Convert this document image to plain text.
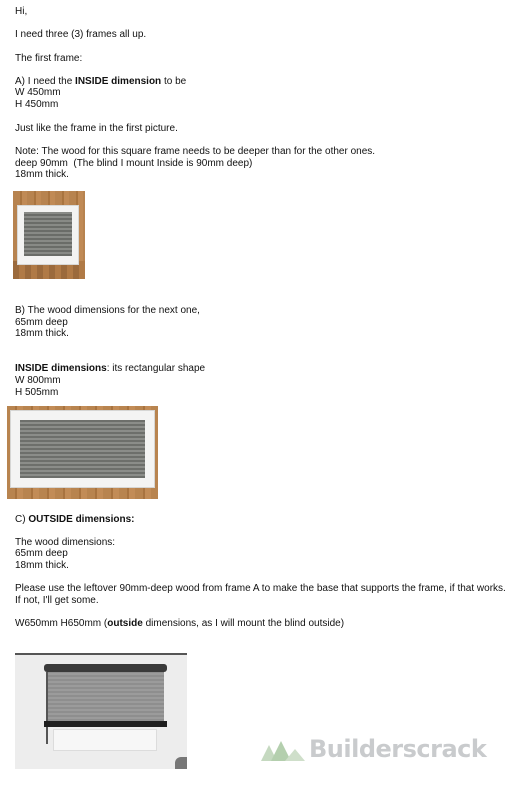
Hi,
I need three (3) frames all up.
The first frame:
A) I need the INSIDE dimension to be
W 450mm
H 450mm
Just like the frame in the first picture.
Note: The wood for this square frame needs to be deeper than for the other ones.
deep 90mm  (The blind I mount Inside is 90mm deep)
18mm thick.
B) The wood dimensions for the next one,
65mm deep
18mm thick.
INSIDE dimensions: its rectangular shape
W 800mm
H 505mm
C) OUTSIDE dimensions:
The wood dimensions:
65mm deep
18mm thick.
Please use the leftover 90mm-deep wood from frame A to make the base that supports the frame, if that works.
If not, I'll get some.
W650mm H650mm (outside dimensions, as I will mount the blind outside)
Builderscrack
